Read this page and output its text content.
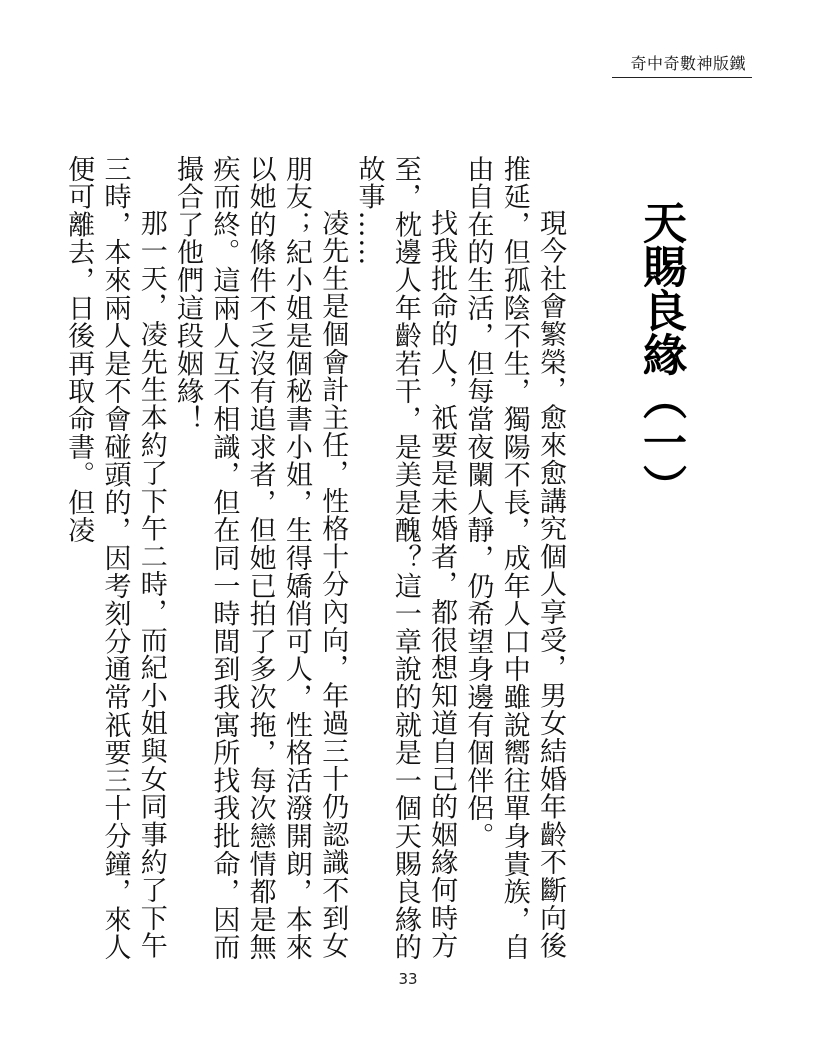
奇中奇數神版鐵
天賜良緣（一）

現今社會繁榮，愈來愈講究個人享受，男女結婚年齡不斷向後推延，但孤陰不生，獨陽不長，成年人口中雖說嚮往單身貴族，自由自在的生活，但每當夜闌人靜，仍希望身邊有個伴侶。

找我批命的人，祇要是未婚者，都很想知道自己的姻緣何時方至，枕邊人年齡若干，是美是醜？這一章說的就是一個天賜良緣的故事……

凌先生是個會計主任，性格十分內向，年過三十仍認識不到女朋友；紀小姐是個秘書小姐，生得嬌俏可人，性格活潑開朗，本來以她的條件不乏沒有追求者，但她已拍了多次拖，每次戀情都是無疾而終。這兩人互不相識，但在同一時間到我寓所找我批命，因而撮合了他們這段姻緣！

那一天，凌先生本約了下午二時，而紀小姐與女同事約了下午三時，本來兩人是不會碰頭的，因考刻分通常祇要三十分鐘，來人便可離去，日後再取命書。但凌

33
